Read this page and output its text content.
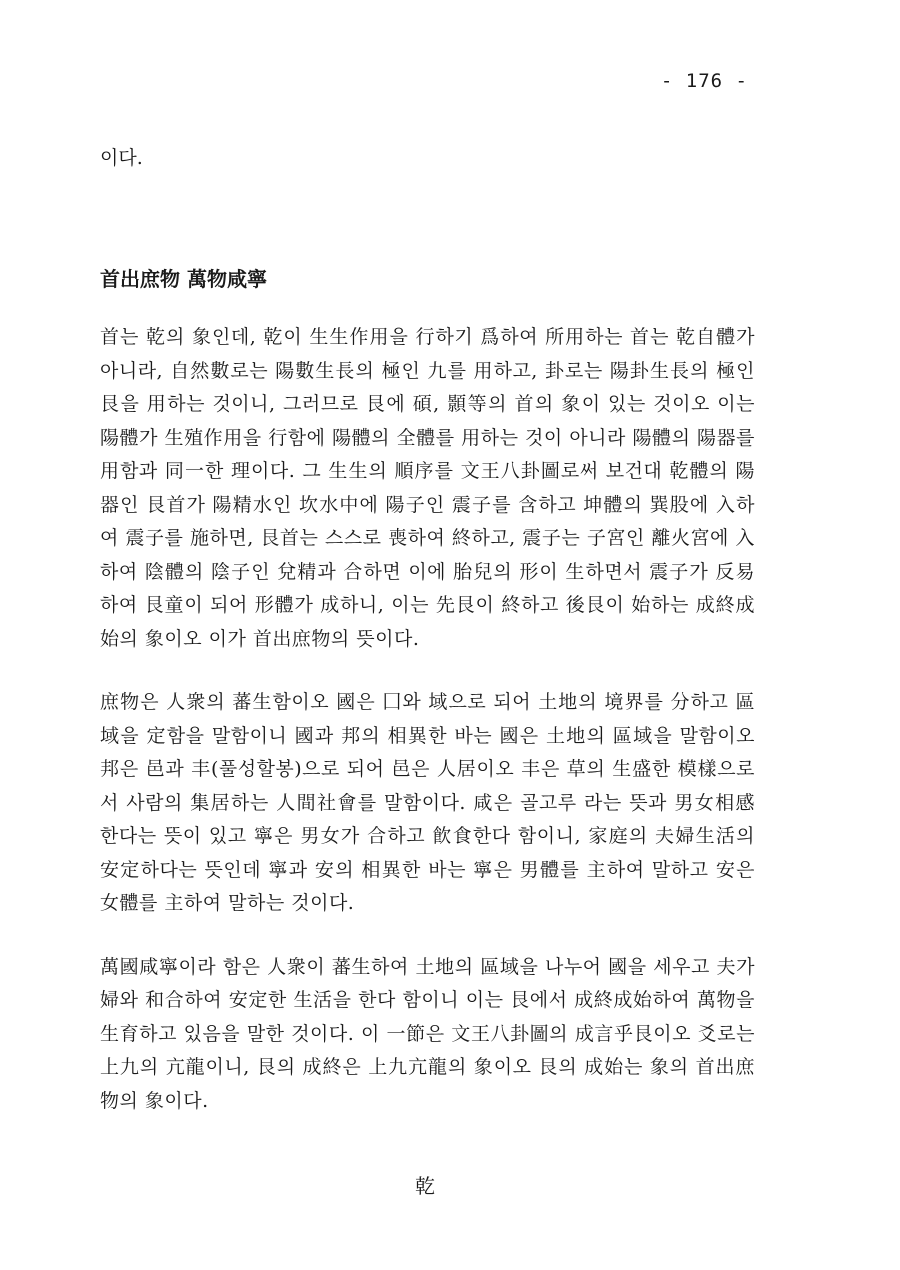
- 176 -

이다.

首出庶物 萬物咸寧

首는 乾의 象인데, 乾이 生生作用을 行하기 爲하여 所用하는 首는 乾自體가 아니라, 自然數로는 陽數生長의 極인 九를 用하고, 卦로는 陽卦生長의 極인 艮을 用하는 것이니, 그러므로 艮에 碩, 顥等의 首의 象이 있는 것이오 이는 陽體가 生殖作用을 行함에 陽體의 全體를 用하는 것이 아니라 陽體의 陽器를 用함과 同一한 理이다. 그 生生의 順序를 文王八卦圖로써 보건대 乾體의 陽器인 艮首가 陽精水인 坎水中에 陽子인 震子를 含하고 坤體의 巽股에 入하여 震子를 施하면, 艮首는 스스로 喪하여 終하고, 震子는 子宮인 離火宮에 入하여 陰體의 陰子인 兌精과 合하면 이에 胎兒의 形이 生하면서 震子가 反易하여 艮童이 되어 形體가 成하니, 이는 先艮이 終하고 後艮이 始하는 成終成始의 象이오 이가 首出庶物의 뜻이다.

庶物은 人衆의 蕃生함이오 國은 囗와 域으로 되어 土地의 境界를 分하고 區域을 定함을 말함이니 國과 邦의 相異한 바는 國은 土地의 區域을 말함이오 邦은 邑과 丰(풀성할봉)으로 되어 邑은 人居이오 丰은 草의 生盛한 模樣으로서 사람의 集居하는 人間社會를 말함이다. 咸은 골고루 라는 뜻과 男女相感한다는 뜻이 있고 寧은 男女가 合하고 飮食한다 함이니, 家庭의 夫婦生活의 安定하다는 뜻인데 寧과 安의 相異한 바는 寧은 男體를 主하여 말하고 安은 女體를 主하여 말하는 것이다.

萬國咸寧이라 함은 人衆이 蕃生하여 土地의 區域을 나누어 國을 세우고 夫가 婦와 和合하여 安定한 生活을 한다 함이니 이는 艮에서 成終成始하여 萬物을 生育하고 있음을 말한 것이다. 이 一節은 文王八卦圖의 成言乎艮이오 爻로는 上九의 亢龍이니, 艮의 成終은 上九亢龍의 象이오 艮의 成始는 象의 首出庶物의 象이다.

乾
